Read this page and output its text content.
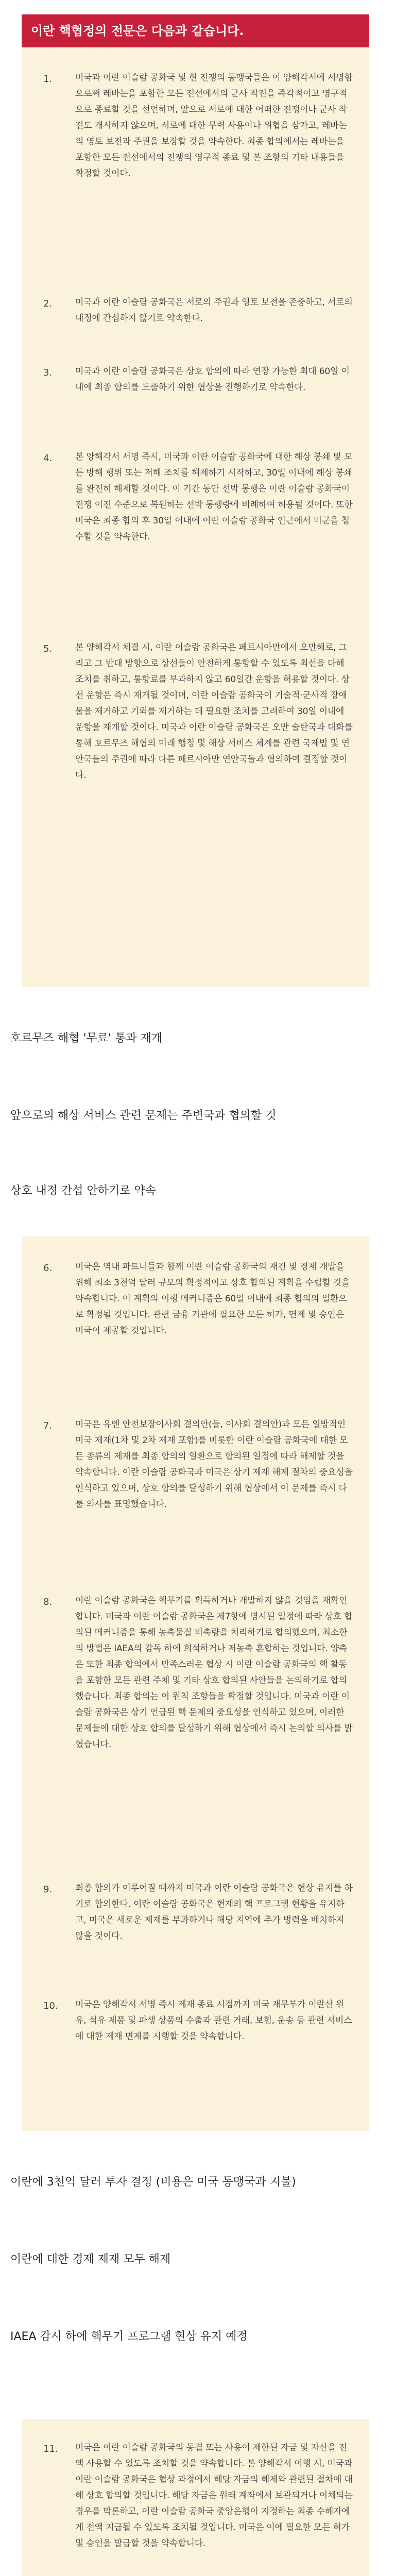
이란 핵협정의 전문은 다음과 같습니다.
1.	미국과 이란 이슬람 공화국 및 현 전쟁의 동맹국들은 이 양해각서에 서명함으로써 레바논을 포함한 모든 전선에서의 군사 작전을 즉각적이고 영구적으로 종료할 것을 선언하며, 앞으로 서로에 대한 어떠한 전쟁이나 군사 작전도 개시하지 않으며, 서로에 대한 무력 사용이나 위협을 삼가고, 레바논의 영토 보전과 주권을 보장할 것을 약속한다. 최종 합의에서는 레바논을 포함한 모든 전선에서의 전쟁의 영구적 종료 및 본 조항의 기타 내용들을 확정할 것이다.
2.	미국과 이란 이슬람 공화국은 서로의 주권과 영토 보전을 존중하고, 서로의 내정에 간섭하지 않기로 약속한다.
3.	미국과 이란 이슬람 공화국은 상호 합의에 따라 연장 가능한 최대 60일 이내에 최종 합의를 도출하기 위한 협상을 진행하기로 약속한다.
4.	본 양해각서 서명 즉시, 미국과 이란 이슬람 공화국에 대한 해상 봉쇄 및 모든 방해 행위 또는 저해 조치를 해제하기 시작하고, 30일 이내에 해상 봉쇄를 완전히 해제할 것이다. 이 기간 동안 선박 통행은 이란 이슬람 공화국이 전쟁 이전 수준으로 복원하는 선박 통행량에 비례하여 허용될 것이다. 또한 미국은 최종 합의 후 30일 이내에 이란 이슬람 공화국 인근에서 미군을 철수할 것을 약속한다.
5.	본 양해각서 체결 시, 이란 이슬람 공화국은 페르시아만에서 오만해로, 그리고 그 반대 방향으로 상선들이 안전하게 통항할 수 있도록 최선을 다해 조치를 취하고, 통항료를 부과하지 않고 60일간 운항을 허용할 것이다. 상선 운항은 즉시 재개될 것이며, 이란 이슬람 공화국이 기술적·군사적 장애물을 제거하고 기뢰를 제거하는 데 필요한 조치를 고려하여 30일 이내에 운항을 재개할 것이다. 미국과 이란 이슬람 공화국은 오만 술탄국과 대화를 통해 호르무즈 해협의 미래 행정 및 해상 서비스 체계를 관련 국제법 및 연안국들의 주권에 따라 다른 페르시아만 연안국들과 협의하여 결정할 것이다.
호르무즈 해협 '무료' 통과 재개
앞으로의 해상 서비스 관련 문제는 주변국과 협의할 것
상호 내정 간섭 안하기로 약속
6.	미국은 역내 파트너들과 함께 이란 이슬람 공화국의 재건 및 경제 개발을 위해 최소 3천억 달러 규모의 확정적이고 상호 합의된 계획을 수립할 것을 약속합니다. 이 계획의 이행 메커니즘은 60일 이내에 최종 합의의 일환으로 확정될 것입니다. 관련 금융 기관에 필요한 모든 허가, 면제 및 승인은 미국이 제공할 것입니다.
7.	미국은 유엔 안전보장이사회 결의안(들, 이사회 결의안)과 모든 일방적인 미국 제재(1차 및 2차 제재 포함)를 비롯한 이란 이슬람 공화국에 대한 모든 종류의 제재를 최종 합의의 일환으로 합의된 일정에 따라 해제할 것을 약속합니다. 이란 이슬람 공화국과 미국은 상기 제재 해제 절차의 중요성을 인식하고 있으며, 상호 합의를 달성하기 위해 협상에서 이 문제를 즉시 다룰 의사를 표명했습니다.
8.	이란 이슬람 공화국은 핵무기를 획득하거나 개발하지 않을 것임을 재확인합니다. 미국과 이란 이슬람 공화국은 제7항에 명시된 일정에 따라 상호 합의된 메커니즘을 통해 농축물질 비축량을 처리하기로 합의했으며, 최소한의 방법은 IAEA의 감독 하에 희석하거나 저농축 혼합하는 것입니다. 양측은 또한 최종 합의에서 만족스러운 협상 시 이란 이슬람 공화국의 핵 활동을 포함한 모든 관련 주체 및 기타 상호 합의된 사안들을 논의하기로 합의했습니다. 최종 합의는 이 원칙 조항들을 확정할 것입니다. 미국과 이란 이슬람 공화국은 상기 언급된 핵 문제의 중요성을 인식하고 있으며, 이러한 문제들에 대한 상호 합의를 달성하기 위해 협상에서 즉시 논의할 의사를 밝혔습니다.
9.	최종 합의가 이루어질 때까지 미국과 이란 이슬람 공화국은 현상 유지를 하기로 합의한다. 이란 이슬람 공화국은 현재의 핵 프로그램 현황을 유지하고, 미국은 새로운 제재를 부과하거나 해당 지역에 추가 병력을 배치하지 않을 것이다.
10.	미국은 양해각서 서명 즉시 제재 종료 시점까지 미국 재무부가 이란산 원유, 석유 제품 및 파생 상품의 수출과 관련 거래, 보험, 운송 등 관련 서비스에 대한 제재 면제를 시행할 것을 약속합니다.
이란에 3천억 달러 투자 결정 (비용은 미국 동맹국과 지불)
이란에 대한 경제 제재 모두 해제
IAEA 감시 하에 핵무기 프로그램 현상 유지 예정
11.	미국은 이란 이슬람 공화국의 동결 또는 사용이 제한된 자금 및 자산을 전액 사용할 수 있도록 조치할 것을 약속합니다. 본 양해각서 이행 시, 미국과 이란 이슬람 공화국은 협상 과정에서 해당 자금의 해제와 관련된 절차에 대해 상호 합의할 것입니다. 해당 자금은 원래 계좌에서 보관되거나 이체되는 경우를 막론하고, 이란 이슬람 공화국 중앙은행이 지정하는 최종 수혜자에게 전액 지급될 수 있도록 조치될 것입니다. 미국은 이에 필요한 모든 허가 및 승인을 발급할 것을 약속합니다.
